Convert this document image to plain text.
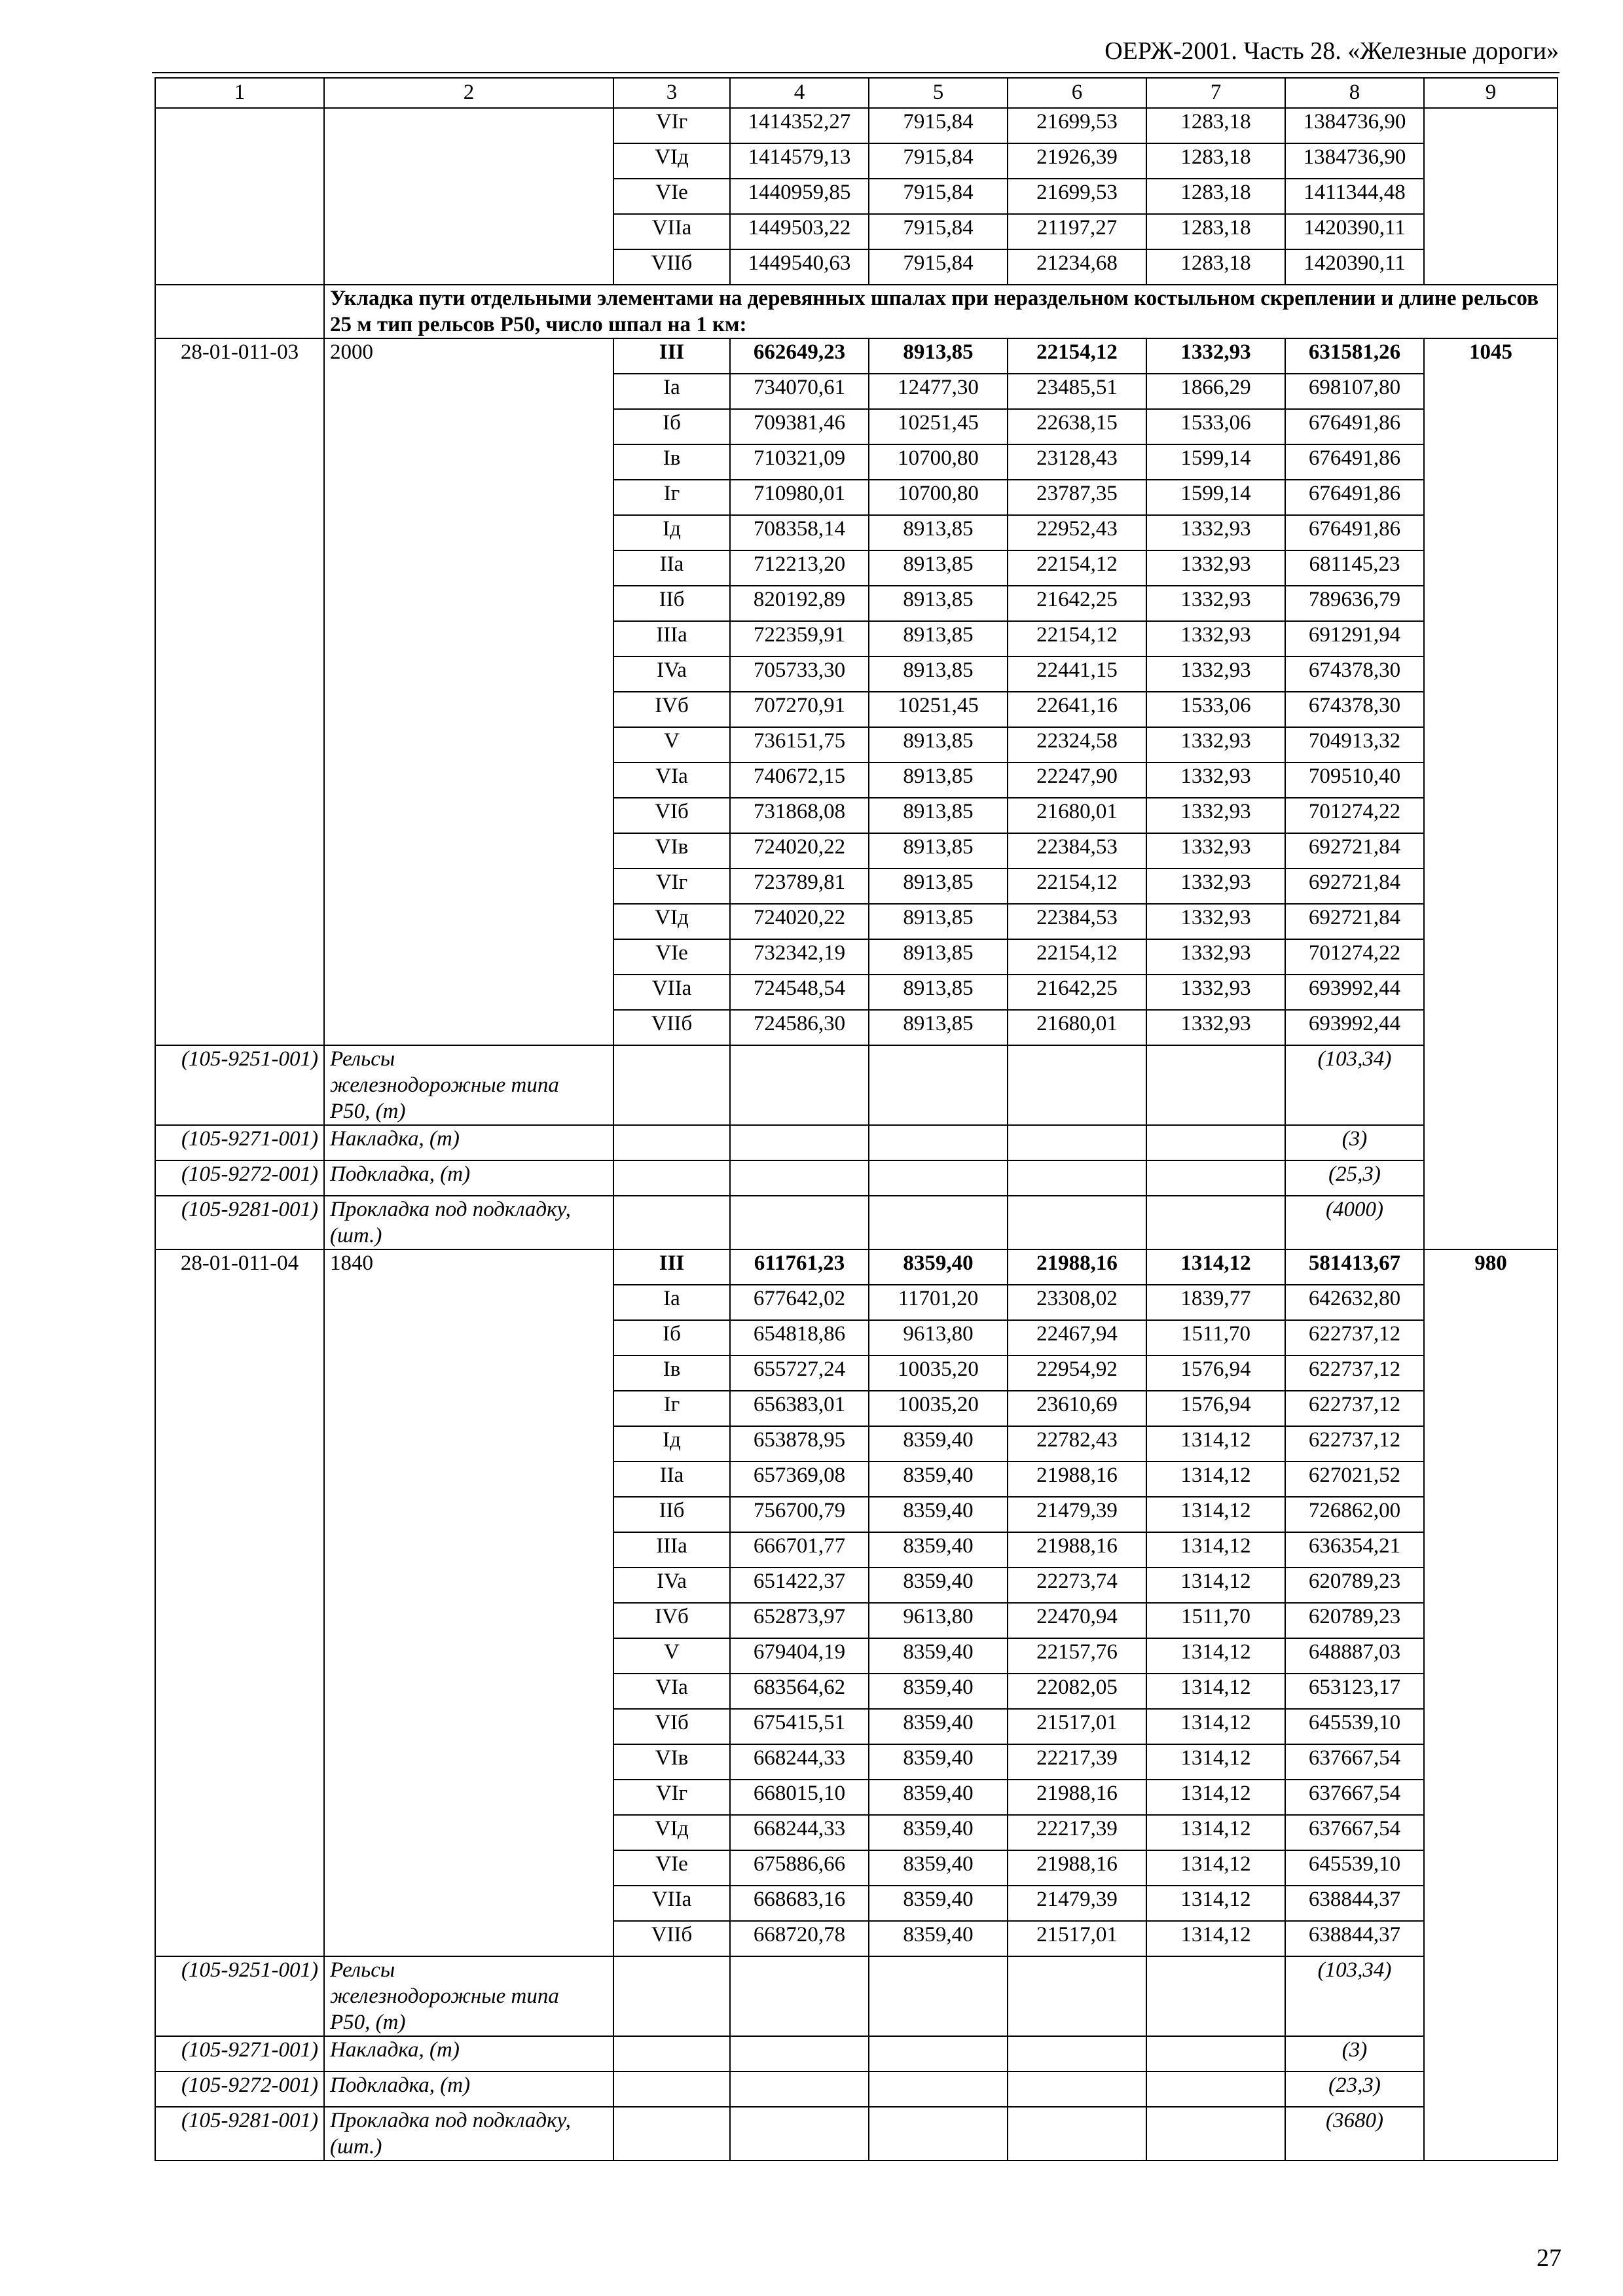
ОЕРЖ-2001. Часть 28. «Железные дороги»
1	2	3	4	5	6	7	8	9
		VIг	1414352,27	7915,84	21699,53	1283,18	1384736,90	
		VIд	1414579,13	7915,84	21926,39	1283,18	1384736,90	
		VIe	1440959,85	7915,84	21699,53	1283,18	1411344,48	
		VIIa	1449503,22	7915,84	21197,27	1283,18	1420390,11	
		VIIб	1449540,63	7915,84	21234,68	1283,18	1420390,11	
	Укладка пути отдельными элементами на деревянных шпалах при нераздельном костыльном скреплении и длине рельсов 25 м тип рельсов Р50, число шпал на 1 км:							
28-01-011-03	2000	III	662649,23	8913,85	22154,12	1332,93	631581,26	1045
		Ia	734070,61	12477,30	23485,51	1866,29	698107,80	
		Iб	709381,46	10251,45	22638,15	1533,06	676491,86	
		Iв	710321,09	10700,80	23128,43	1599,14	676491,86	
		Iг	710980,01	10700,80	23787,35	1599,14	676491,86	
		Iд	708358,14	8913,85	22952,43	1332,93	676491,86	
		IIa	712213,20	8913,85	22154,12	1332,93	681145,23	
		IIб	820192,89	8913,85	21642,25	1332,93	789636,79	
		IIIa	722359,91	8913,85	22154,12	1332,93	691291,94	
		IVa	705733,30	8913,85	22441,15	1332,93	674378,30	
		IVб	707270,91	10251,45	22641,16	1533,06	674378,30	
		V	736151,75	8913,85	22324,58	1332,93	704913,32	
		VIa	740672,15	8913,85	22247,90	1332,93	709510,40	
		VIб	731868,08	8913,85	21680,01	1332,93	701274,22	
		VIв	724020,22	8913,85	22384,53	1332,93	692721,84	
		VIг	723789,81	8913,85	22154,12	1332,93	692721,84	
		VIд	724020,22	8913,85	22384,53	1332,93	692721,84	
		VIe	732342,19	8913,85	22154,12	1332,93	701274,22	
		VIIa	724548,54	8913,85	21642,25	1332,93	693992,44	
		VIIб	724586,30	8913,85	21680,01	1332,93	693992,44	
(105-9251-001)	Рельсы
железнодорожные типа
Р50, (т)						(103,34)	
(105-9271-001)	Накладка, (т)						(3)	
(105-9272-001)	Подкладка, (т)						(25,3)	
(105-9281-001)	Прокладка под подкладку,
(шт.)						(4000)	
28-01-011-04	1840	III	611761,23	8359,40	21988,16	1314,12	581413,67	980
		Ia	677642,02	11701,20	23308,02	1839,77	642632,80	
		Iб	654818,86	9613,80	22467,94	1511,70	622737,12	
		Iв	655727,24	10035,20	22954,92	1576,94	622737,12	
		Iг	656383,01	10035,20	23610,69	1576,94	622737,12	
		Iд	653878,95	8359,40	22782,43	1314,12	622737,12	
		IIa	657369,08	8359,40	21988,16	1314,12	627021,52	
		IIб	756700,79	8359,40	21479,39	1314,12	726862,00	
		IIIa	666701,77	8359,40	21988,16	1314,12	636354,21	
		IVa	651422,37	8359,40	22273,74	1314,12	620789,23	
		IVб	652873,97	9613,80	22470,94	1511,70	620789,23	
		V	679404,19	8359,40	22157,76	1314,12	648887,03	
		VIa	683564,62	8359,40	22082,05	1314,12	653123,17	
		VIб	675415,51	8359,40	21517,01	1314,12	645539,10	
		VIв	668244,33	8359,40	22217,39	1314,12	637667,54	
		VIг	668015,10	8359,40	21988,16	1314,12	637667,54	
		VIд	668244,33	8359,40	22217,39	1314,12	637667,54	
		VIe	675886,66	8359,40	21988,16	1314,12	645539,10	
		VIIa	668683,16	8359,40	21479,39	1314,12	638844,37	
		VIIб	668720,78	8359,40	21517,01	1314,12	638844,37	
(105-9251-001)	Рельсы
железнодорожные типа
Р50, (т)						(103,34)	
(105-9271-001)	Накладка, (т)						(3)	
(105-9272-001)	Подкладка, (т)						(23,3)	
(105-9281-001)	Прокладка под подкладку,
(шт.)						(3680)	
27
